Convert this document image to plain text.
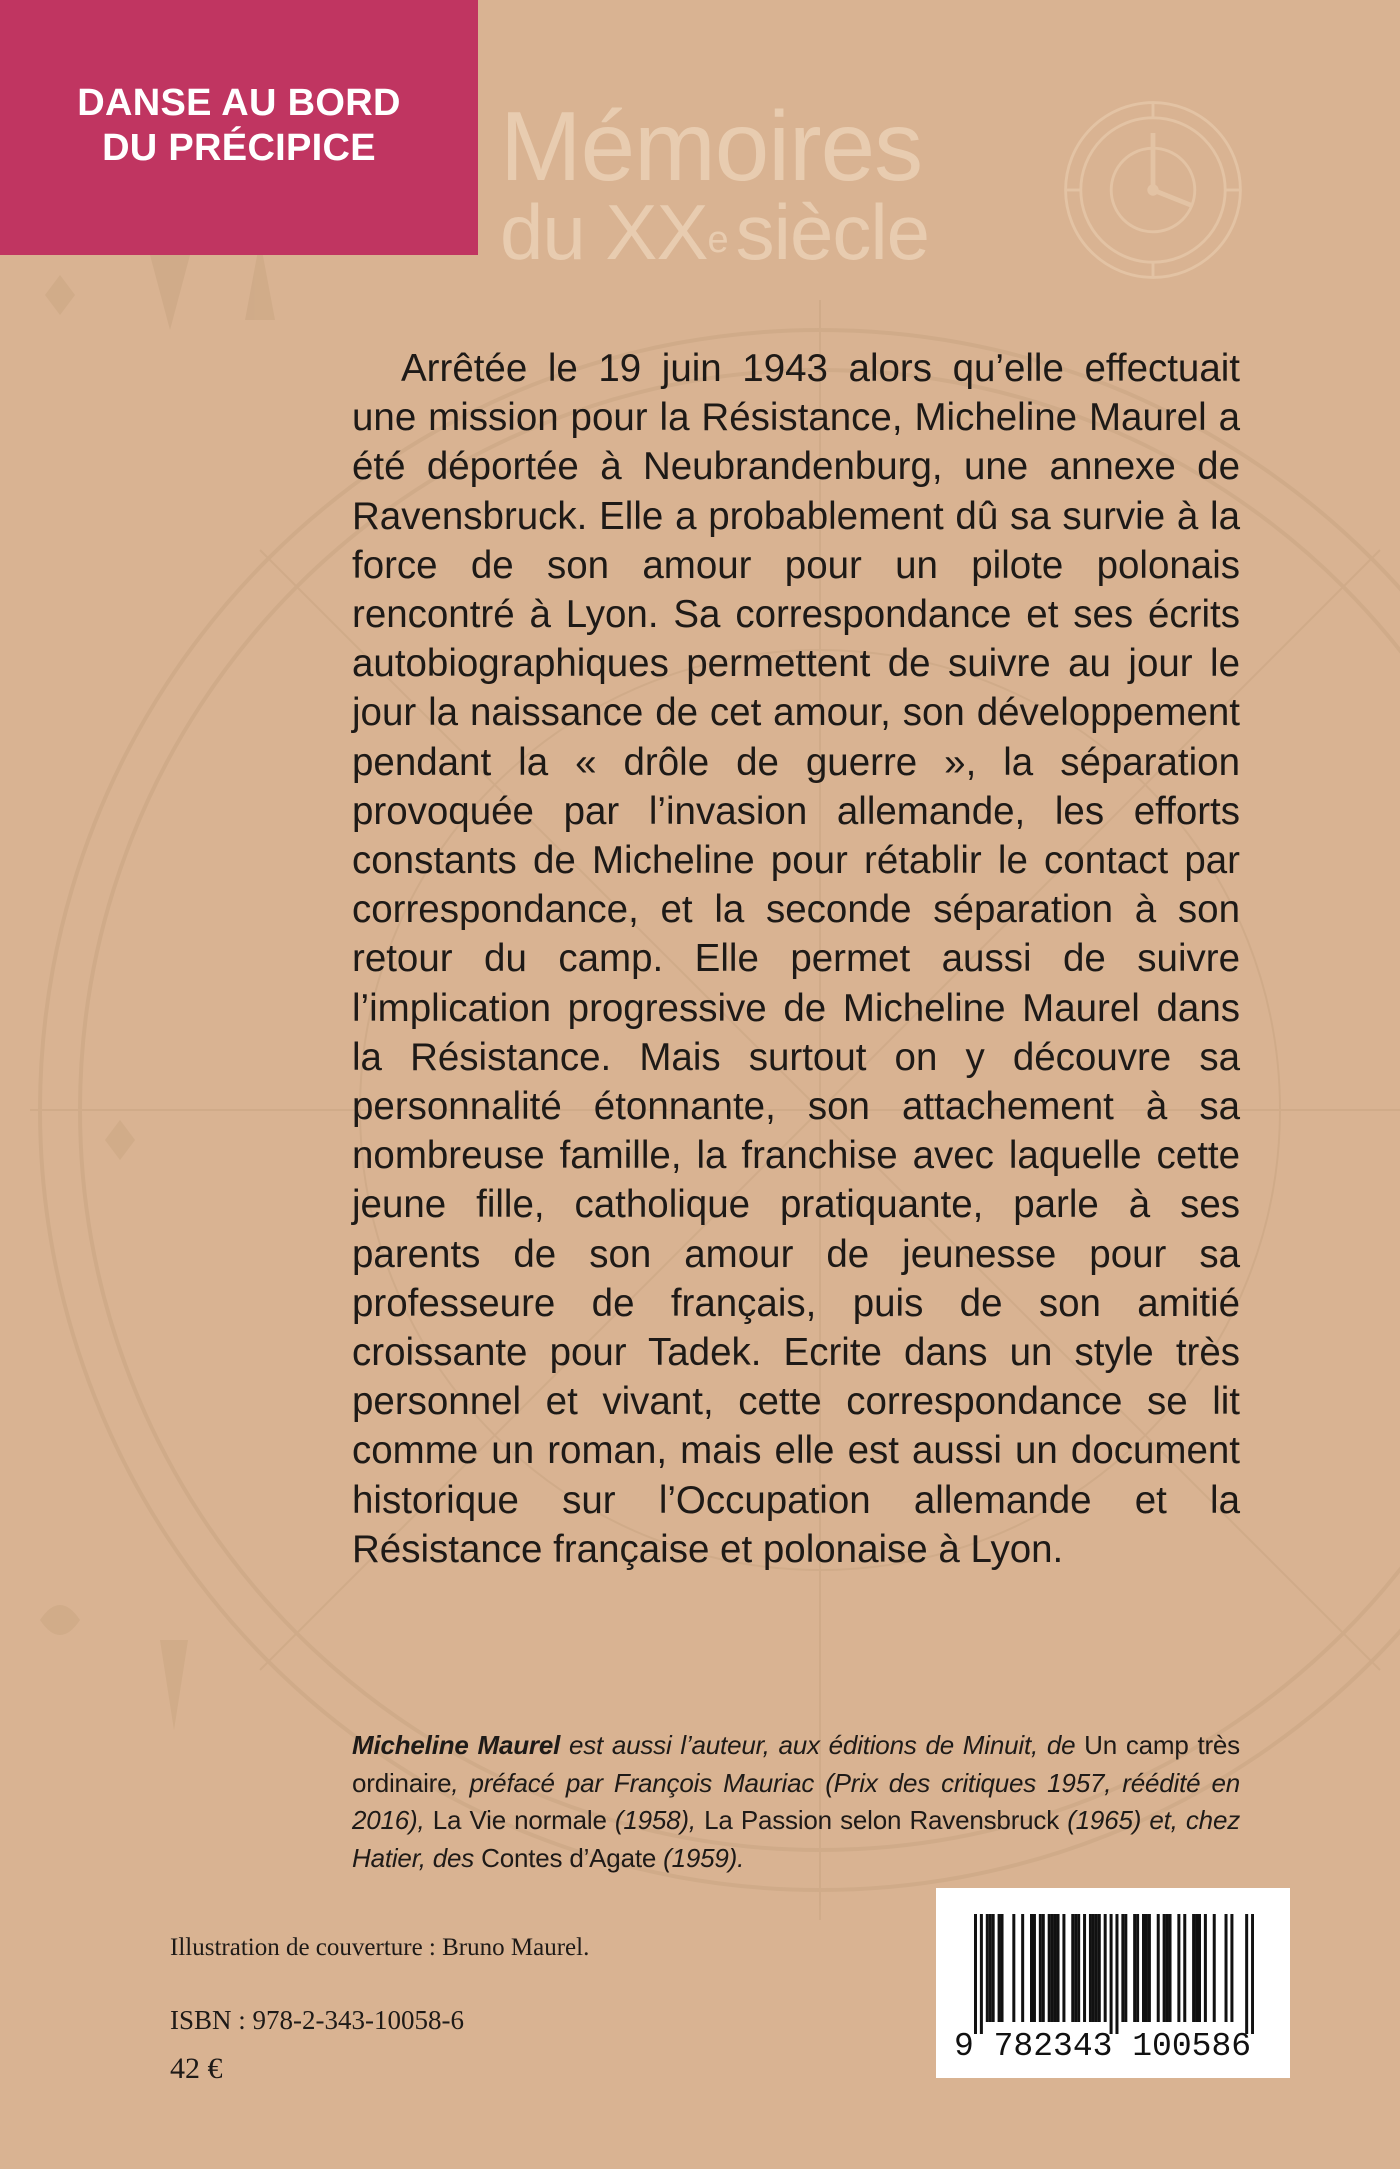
DANSE AU BORD
DU PRÉCIPICE Mémoires
du XXe siècle

Arrêtée le 19 juin 1943 alors qu’elle effectuait une mission pour la Résistance, Micheline Maurel a été déportée à Neubrandenburg, une annexe de Ravensbruck. Elle a probablement dû sa survie à la force de son amour pour un pilote polonais rencontré à Lyon. Sa correspondance et ses écrits autobiographiques permettent de suivre au jour le jour la naissance de cet amour, son développement pendant la « drôle de guerre », la séparation provoquée par l’invasion allemande, les efforts constants de Micheline pour rétablir le contact par correspondance, et la seconde séparation à son retour du camp. Elle permet aussi de suivre l’implication progressive de Micheline Maurel dans la Résistance. Mais surtout on y découvre sa personnalité étonnante, son attachement à sa nombreuse famille, la franchise avec laquelle cette jeune fille, catholique pratiquante, parle à ses parents de son amour de jeunesse pour sa professeure de français, puis de son amitié croissante pour Tadek. Ecrite dans un style très personnel et vivant, cette correspondance se lit comme un roman, mais elle est aussi un document historique sur l’Occupation allemande et la Résistance française et polonaise à Lyon.

Micheline Maurel est aussi l’auteur, aux éditions de Minuit, de Un camp très ordinaire, préfacé par François Mauriac (Prix des critiques 1957, réédité en 2016), La Vie normale (1958), La Passion selon Ravensbruck (1965) et, chez Hatier, des Contes d’Agate (1959).

Illustration de couverture : Bruno Maurel.
ISBN : 978-2-343-10058-6
42 €
9 782343 100586
